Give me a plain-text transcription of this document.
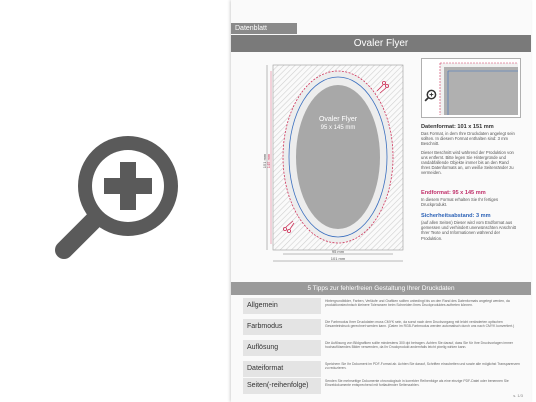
Datenblatt
Ovaler Flyer
Ovaler Flyer
95 x 145 mm
95 mm
101 mm
151 mm 145 mm
Datenformat: 101 x 151 mm
Das Format, in dem Ihre Druckdaten angelegt sein sollten. In diesem Format enthalten sind: 3 mm Beschnitt.
Dieser Beschnitt wird während der Produktion von uns entfernt. Bitte legen Sie Hintergründe und randabfallende Objekte immer bis an den Rand Ihres Datenformats an, um weiße Seitenränder zu vermeiden.
Endformat: 95 x 145 mm
In diesem Format erhalten Sie Ihr fertiges Druckprodukt.
Sicherheitsabstand: 3 mm
(auf allen Seiten) Dieser wird vom Endformat aus gemessen und verhindert unerwünschten Anschnitt Ihrer Texte und Informationen während der Produktion.
5 Tipps zur fehlerfreien Gestaltung Ihrer Druckdaten
Allgemein
Hintergrundbilder, Farben, Verläufe und Grafiken sollten unbedingt bis an den Rand des Datenformats angelegt werden, da produktionstechnisch kleinere Toleranzen beim Schneiden Ihres Druckproduktes auftreten können.
Farbmodus
Die Farbmodus Ihrer Druckdaten muss CMYK sein, da sonst nach dem Druckvorgang mit leicht veränderten optischen Gesamteindruck gerechnet werden kann. (Daten im RGB-Farbmodus werden automatisch durch uns nach CMYK konvertiert.)
Auflösung
Die Auflösung von Bildgrafiken sollte mindestens 300 dpi betragen. Achten Sie darauf, dass Sie für Ihre Druckvorlagen immer hochauflösendes Bilder verwenden, da Ihr Druckprodukt andernfalls leicht pixelig wirken kann.
Dateiformat
Speichern Sie Ihr Dokument im PDF-Format ab. Achten Sie darauf, Schriften einzubetten und sowie alle möglichst Transparenzen zu reduzieren.
Seiten(-reihenfolge)
Senden Sie mehrseitige Dokumente chronologisch in korrekter Reihenfolge als eine einzige PDF-Datei oder benennen Sie Einzeldokumente entsprechend mit fortlaufender Seitenzahlen.
s. 1/3
